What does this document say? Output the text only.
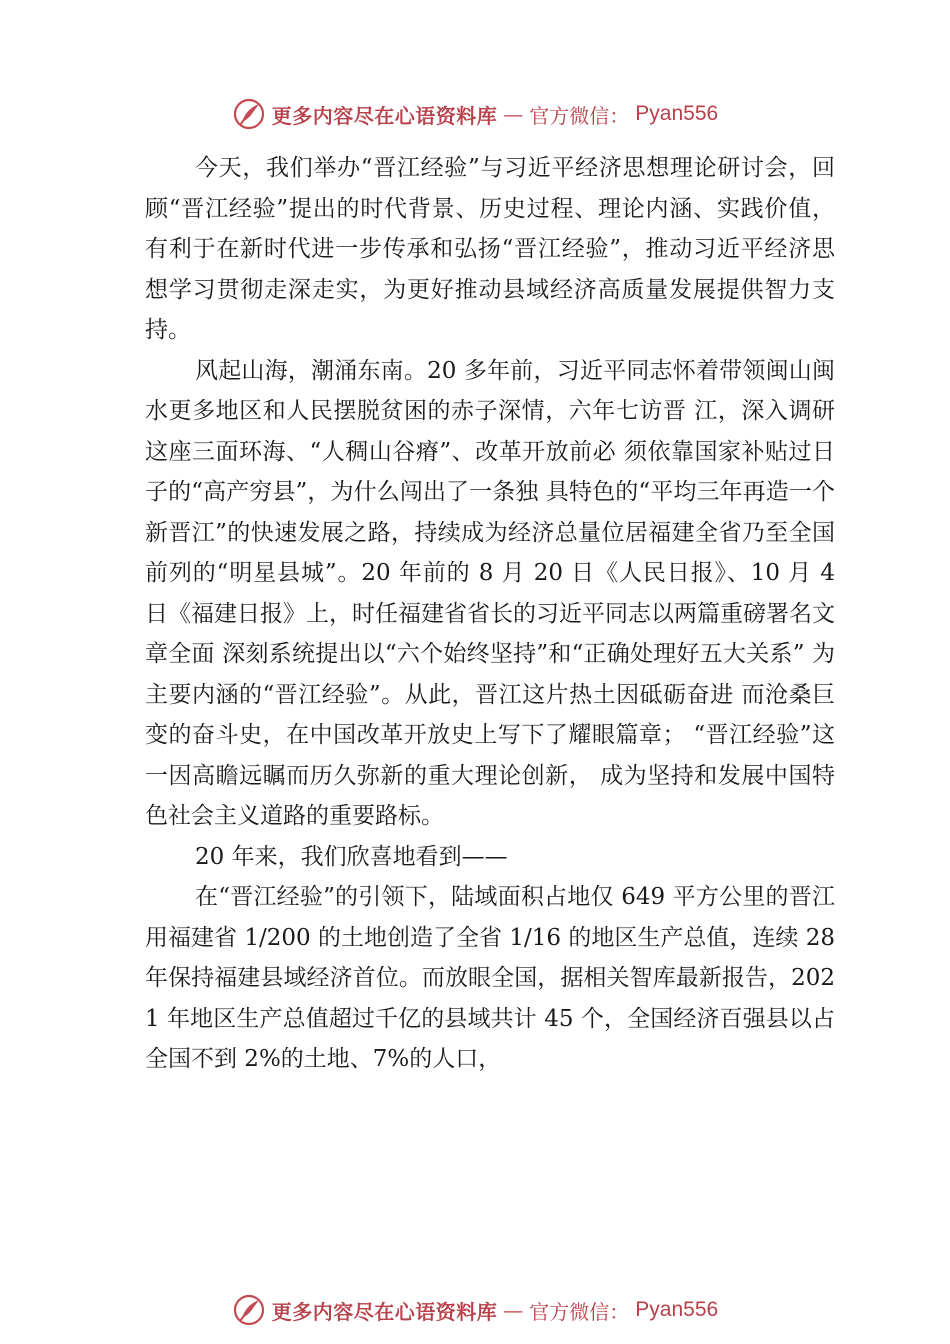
更多内容尽在心语资料库 — 官方微信： Pyan556

今天，我们举办“晋江经验”与习近平经济思想理论研讨会，回顾“晋江经验”提出的时代背景、历史过程、理论内涵、实践价值，有利于在新时代进一步传承和弘扬“晋江经验”，推动习近平经济思想学习贯彻走深走实，为更好推动县域经济高质量发展提供智力支持。

风起山海，潮涌东南。20 多年前，习近平同志怀着带领闽山闽水更多地区和人民摆脱贫困的赤子深情，六年七访晋 江，深入调研这座三面环海、“人稠山谷瘠”、改革开放前必 须依靠国家补贴过日子的“高产穷县”，为什么闯出了一条独 具特色的“平均三年再造一个新晋江”的快速发展之路，持续成为经济总量位居福建全省乃至全国前列的“明星县城”。20 年前的 8 月 20 日《人民日报》、10 月 4 日《福建日报》上，时任福建省省长的习近平同志以两篇重磅署名文章全面 深刻系统提出以“六个始终坚持”和“正确处理好五大关系” 为主要内涵的“晋江经验”。从此，晋江这片热土因砥砺奋进 而沧桑巨变的奋斗史，在中国改革开放史上写下了耀眼篇章； “晋江经验”这一因高瞻远瞩而历久弥新的重大理论创新， 成为坚持和发展中国特色社会主义道路的重要路标。

20 年来，我们欣喜地看到——

在“晋江经验”的引领下，陆域面积占地仅 649 平方公里的晋江用福建省 1/200 的土地创造了全省 1/16 的地区生产总值，连续 28 年保持福建县域经济首位。而放眼全国，据相关智库最新报告，2021 年地区生产总值超过千亿的县域共计 45 个，全国经济百强县以占全国不到 2%的土地、7%的人口，

更多内容尽在心语资料库 — 官方微信： Pyan556
